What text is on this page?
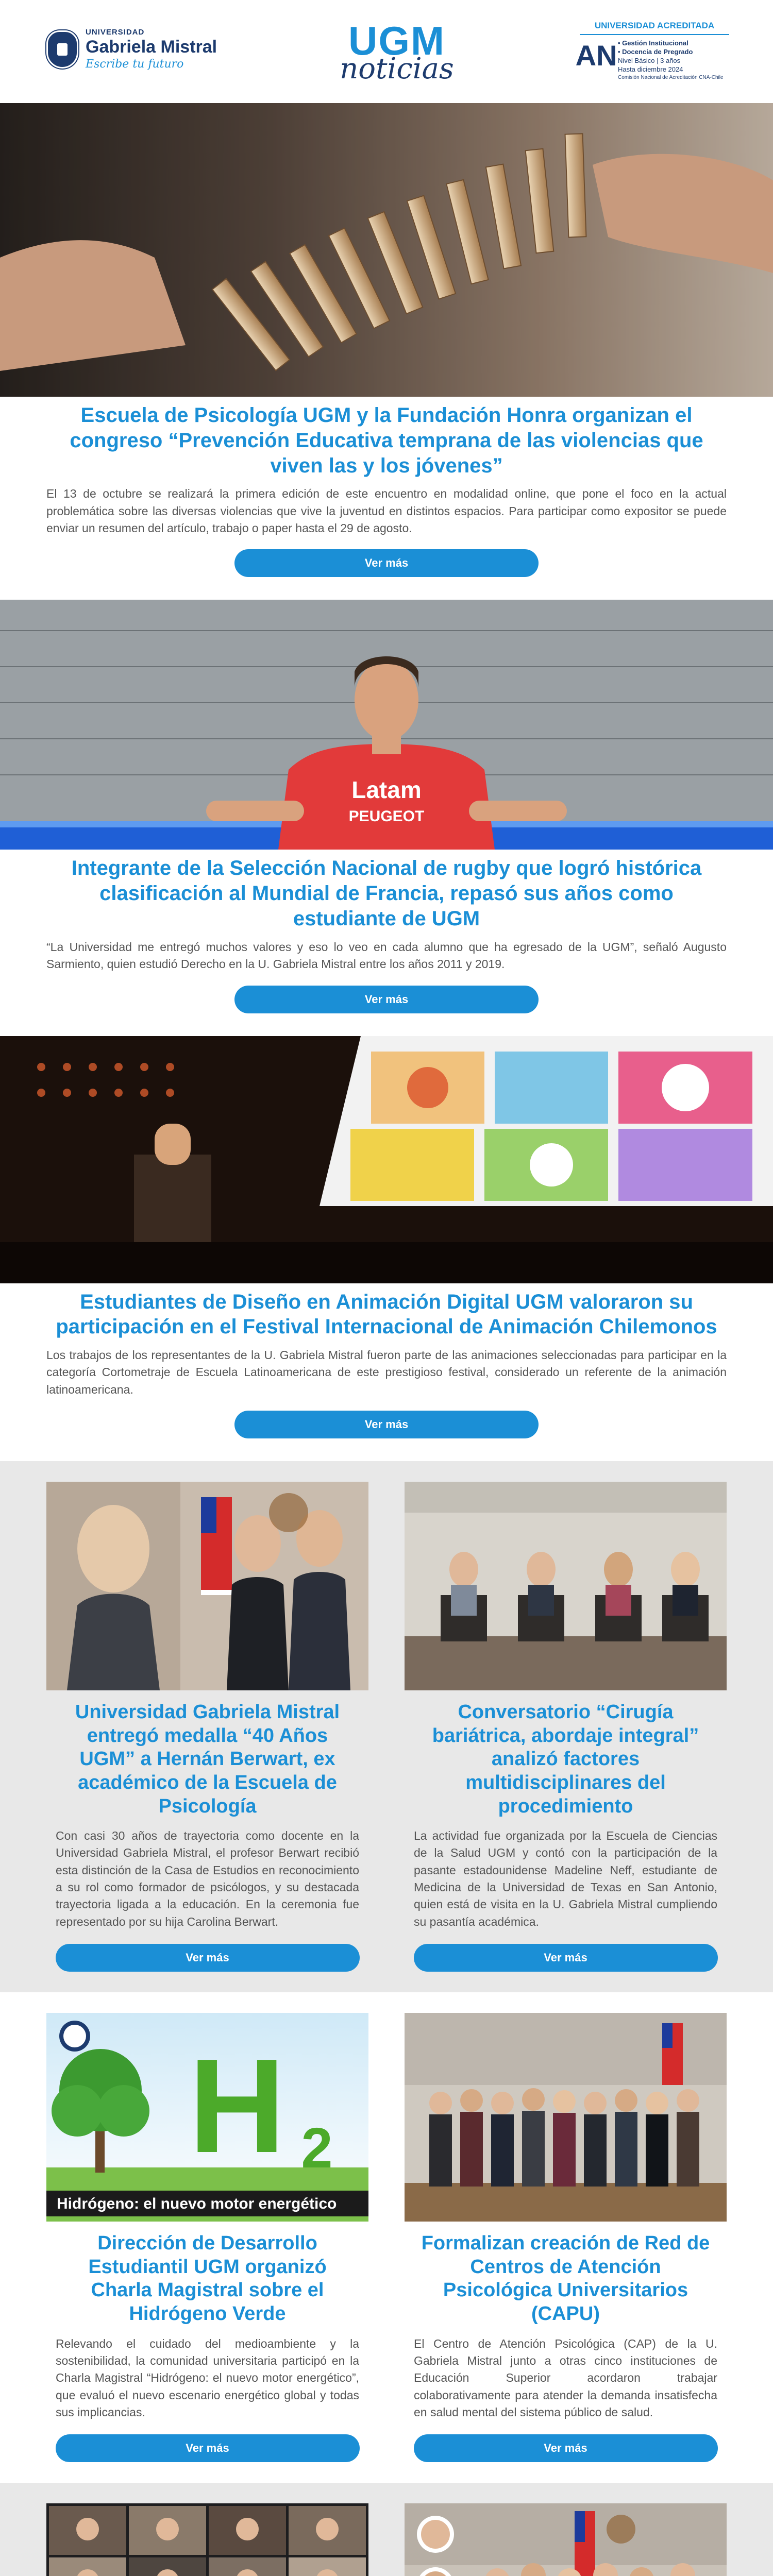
UNIVERSIDAD
Gabriela Mistral
Escribe tu futuro
UGM
noticias
UNIVERSIDAD ACREDITADA
AN • Gestión Institucional
• Docencia de Pregrado
Nivel Básico | 3 años
Hasta diciembre 2024
Comisión Nacional de Acreditación CNA-Chile
Escuela de Psicología UGM y la Fundación Honra organizan el congreso “Prevención Educativa temprana de las violencias que viven las y los jóvenes”

El 13 de octubre se realizará la primera edición de este encuentro en modalidad online, que pone el foco en la actual problemática sobre las diversas violencias que vive la juventud en distintos espacios. Para participar como expositor se puede enviar un resumen del artículo, trabajo o paper hasta el 29 de agosto.

Ver más
Latam
PEUGEOT
Integrante de la Selección Nacional de rugby que logró histórica clasificación al Mundial de Francia, repasó sus años como estudiante de UGM

“La Universidad me entregó muchos valores y eso lo veo en cada alumno que ha egresado de la UGM”, señaló Augusto Sarmiento, quien estudió Derecho en la U. Gabriela Mistral entre los años 2011 y 2019.

Ver más
Estudiantes de Diseño en Animación Digital UGM valoraron su participación en el Festival Internacional de Animación Chilemonos

Los trabajos de los representantes de la U. Gabriela Mistral fueron parte de las animaciones seleccionadas para participar en la categoría Cortometraje de Escuela Latinoamericana de este prestigioso festival, considerado un referente de la animación latinoamericana.

Ver más
Universidad Gabriela Mistral entregó medalla “40 Años UGM” a Hernán Berwart, ex académico de la Escuela de Psicología

Con casi 30 años de trayectoria como docente en la Universidad Gabriela Mistral, el profesor Berwart recibió esta distinción de la Casa de Estudios en reconocimiento a su rol como formador de psicólogos, y su destacada trayectoria ligada a la educación. En la ceremonia fue representado por su hija Carolina Berwart.

Ver más
Conversatorio “Cirugía bariátrica, abordaje integral” analizó factores multidisciplinares del procedimiento

La actividad fue organizada por la Escuela de Ciencias de la Salud UGM y contó con la participación de la pasante estadounidense Madeline Neff, estudiante de Medicina de la Universidad de Texas en San Antonio, quien está de visita en la U. Gabriela Mistral cumpliendo su pasantía académica.

Ver más
H 2
Hidrógeno: el nuevo motor energético
Dirección de Desarrollo Estudiantil UGM organizó Charla Magistral sobre el Hidrógeno Verde

Relevando el cuidado del medioambiente y la sostenibilidad, la comunidad universitaria participó en la Charla Magistral “Hidrógeno: el nuevo motor energético”, que evaluó el nuevo escenario energético global y todas sus implicancias.

Ver más
Formalizan creación de Red de Centros de Atención Psicológica Universitarios (CAPU)

El Centro de Atención Psicológica (CAP) de la U. Gabriela Mistral junto a otras cinco instituciones de Educación Superior acordaron trabajar colaborativamente para atender la demanda insatisfecha en salud mental del sistema público de salud.

Ver más
